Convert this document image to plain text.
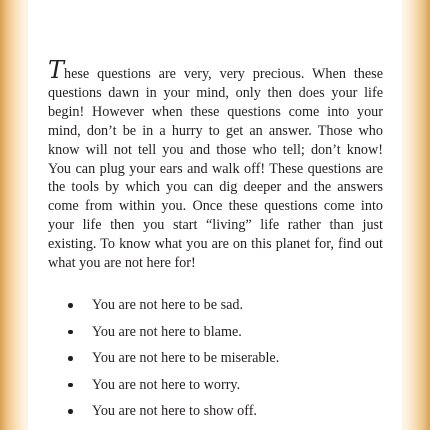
These questions are very, very precious. When these questions dawn in your mind, only then does your life begin! However when these questions come into your mind, don’t be in a hurry to get an answer. Those who know will not tell you and those who tell; don’t know! You can plug your ears and walk off! These questions are the tools by which you can dig deeper and the answers come from within you. Once these questions come into your life then you start “living” life rather than just existing. To know what you are on this planet for, find out what you are not here for!

You are not here to be sad.
You are not here to blame.
You are not here to be miserable.
You are not here to worry.
You are not here to show off.
